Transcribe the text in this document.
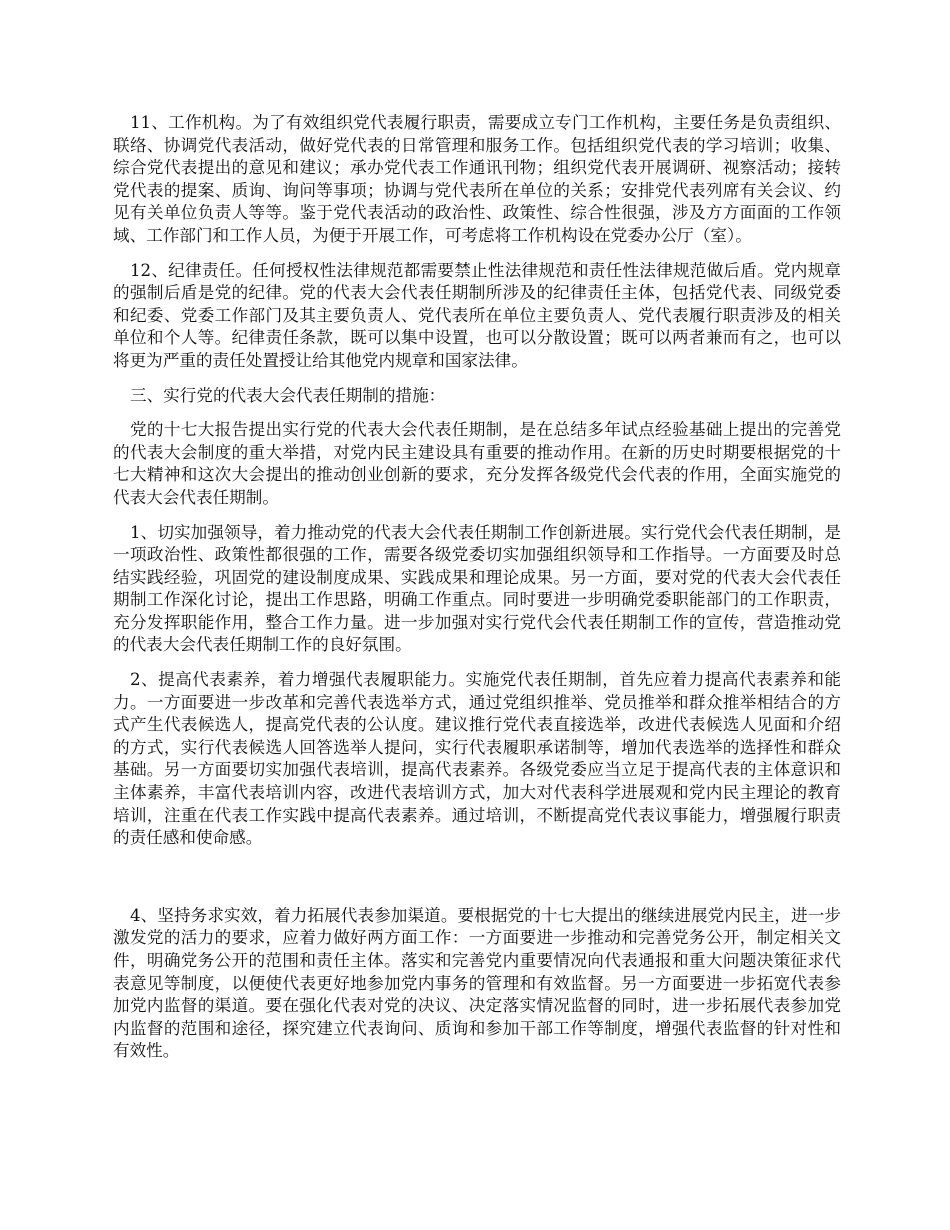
11、工作机构。为了有效组织党代表履行职责，需要成立专门工作机构，主要任务是负责组织、联络、协调党代表活动，做好党代表的日常管理和服务工作。包括组织党代表的学习培训；收集、综合党代表提出的意见和建议；承办党代表工作通讯刊物；组织党代表开展调研、视察活动；接转党代表的提案、质询、询问等事项；协调与党代表所在单位的关系；安排党代表列席有关会议、约见有关单位负责人等等。鉴于党代表活动的政治性、政策性、综合性很强，涉及方方面面的工作领域、工作部门和工作人员，为便于开展工作，可考虑将工作机构设在党委办公厅（室）。

12、纪律责任。任何授权性法律规范都需要禁止性法律规范和责任性法律规范做后盾。党内规章的强制后盾是党的纪律。党的代表大会代表任期制所涉及的纪律责任主体，包括党代表、同级党委和纪委、党委工作部门及其主要负责人、党代表所在单位主要负责人、党代表履行职责涉及的相关单位和个人等。纪律责任条款，既可以集中设置，也可以分散设置；既可以两者兼而有之，也可以将更为严重的责任处置授让给其他党内规章和国家法律。

三、实行党的代表大会代表任期制的措施：

党的十七大报告提出实行党的代表大会代表任期制，是在总结多年试点经验基础上提出的完善党的代表大会制度的重大举措，对党内民主建设具有重要的推动作用。在新的历史时期要根据党的十七大精神和这次大会提出的推动创业创新的要求，充分发挥各级党代会代表的作用，全面实施党的代表大会代表任期制。

1、切实加强领导，着力推动党的代表大会代表任期制工作创新进展。实行党代会代表任期制，是一项政治性、政策性都很强的工作，需要各级党委切实加强组织领导和工作指导。一方面要及时总结实践经验，巩固党的建设制度成果、实践成果和理论成果。另一方面，要对党的代表大会代表任期制工作深化讨论，提出工作思路，明确工作重点。同时要进一步明确党委职能部门的工作职责，充分发挥职能作用，整合工作力量。进一步加强对实行党代会代表任期制工作的宣传，营造推动党的代表大会代表任期制工作的良好氛围。

2、提高代表素养，着力增强代表履职能力。实施党代表任期制，首先应着力提高代表素养和能力。一方面要进一步改革和完善代表选举方式，通过党组织推举、党员推举和群众推举相结合的方式产生代表候选人，提高党代表的公认度。建议推行党代表直接选举，改进代表候选人见面和介绍的方式，实行代表候选人回答选举人提问，实行代表履职承诺制等，增加代表选举的选择性和群众基础。另一方面要切实加强代表培训，提高代表素养。各级党委应当立足于提高代表的主体意识和主体素养，丰富代表培训内容，改进代表培训方式，加大对代表科学进展观和党内民主理论的教育培训，注重在代表工作实践中提高代表素养。通过培训，不断提高党代表议事能力，增强履行职责的责任感和使命感。

4、坚持务求实效，着力拓展代表参加渠道。要根据党的十七大提出的继续进展党内民主，进一步激发党的活力的要求，应着力做好两方面工作：一方面要进一步推动和完善党务公开，制定相关文件，明确党务公开的范围和责任主体。落实和完善党内重要情况向代表通报和重大问题决策征求代表意见等制度，以便使代表更好地参加党内事务的管理和有效监督。另一方面要进一步拓宽代表参加党内监督的渠道。要在强化代表对党的决议、决定落实情况监督的同时，进一步拓展代表参加党内监督的范围和途径，探究建立代表询问、质询和参加干部工作等制度，增强代表监督的针对性和有效性。
